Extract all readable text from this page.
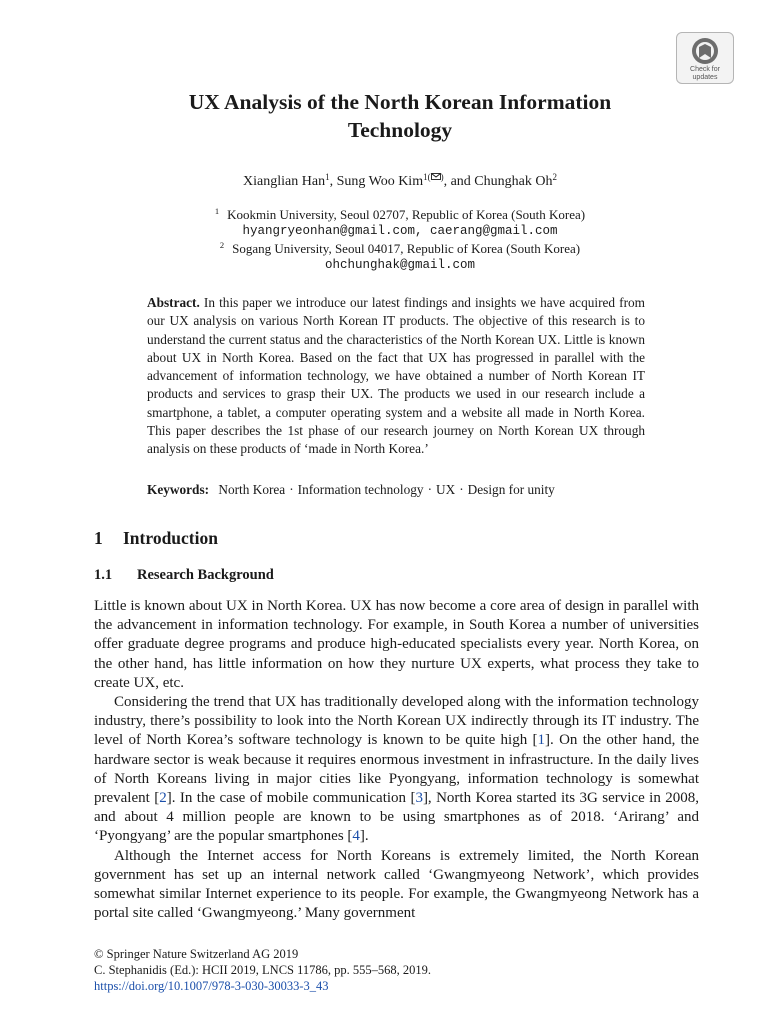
Check for
updates
UX Analysis of the North Korean Information
Technology
Xianglian Han$^1$, Sung Woo Kim$^{1( )}$, and Chunghak Oh$^2$
$^1$ Kookmin University, Seoul 02707, Republic of Korea (South Korea)
hyangryeonhan@gmail.com, caerang@gmail.com
$^2$ Sogang University, Seoul 04017, Republic of Korea (South Korea)
ohchunghak@gmail.com

Abstract. In this paper we introduce our latest findings and insights we have acquired from our UX analysis on various North Korean IT products. The objective of this research is to understand the current status and the characteristics of the North Korean UX. Little is known about UX in North Korea. Based on the fact that UX has progressed in parallel with the advancement of information technology, we have obtained a number of North Korean IT products and services to grasp their UX. The products we used in our research include a smartphone, a tablet, a computer operating system and a website all made in North Korea. This paper describes the 1st phase of our research journey on North Korean UX through analysis on these products of ‘made in North Korea.’

Keywords: North Korea · Information technology · UX · Design for unity

1 Introduction
1.1 Research Background

Little is known about UX in North Korea. UX has now become a core area of design in parallel with the advancement in information technology. For example, in South Korea a number of universities offer graduate degree programs and produce high-educated specialists every year. North Korea, on the other hand, has little information on how they nurture UX experts, what process they take to create UX, etc.

Considering the trend that UX has traditionally developed along with the information technology industry, there’s possibility to look into the North Korean UX indirectly through its IT industry. The level of North Korea’s software technology is known to be quite high [1]. On the other hand, the hardware sector is weak because it requires enormous investment in infrastructure. In the daily lives of North Koreans living in major cities like Pyongyang, information technology is somewhat prevalent [2]. In the case of mobile communication [3], North Korea started its 3G service in 2008, and about 4 million people are known to be using smartphones as of 2018. ‘Arirang’ and ‘Pyongyang’ are the popular smartphones [4].

Although the Internet access for North Koreans is extremely limited, the North Korean government has set up an internal network called ‘Gwangmyeong Network’, which provides somewhat similar Internet experience to its people. For example, the Gwangmyeong Network has a portal site called ‘Gwangmyeong.’ Many government

© Springer Nature Switzerland AG 2019
C. Stephanidis (Ed.): HCII 2019, LNCS 11786, pp. 555–568, 2019.
https://doi.org/10.1007/978-3-030-30033-3_43
